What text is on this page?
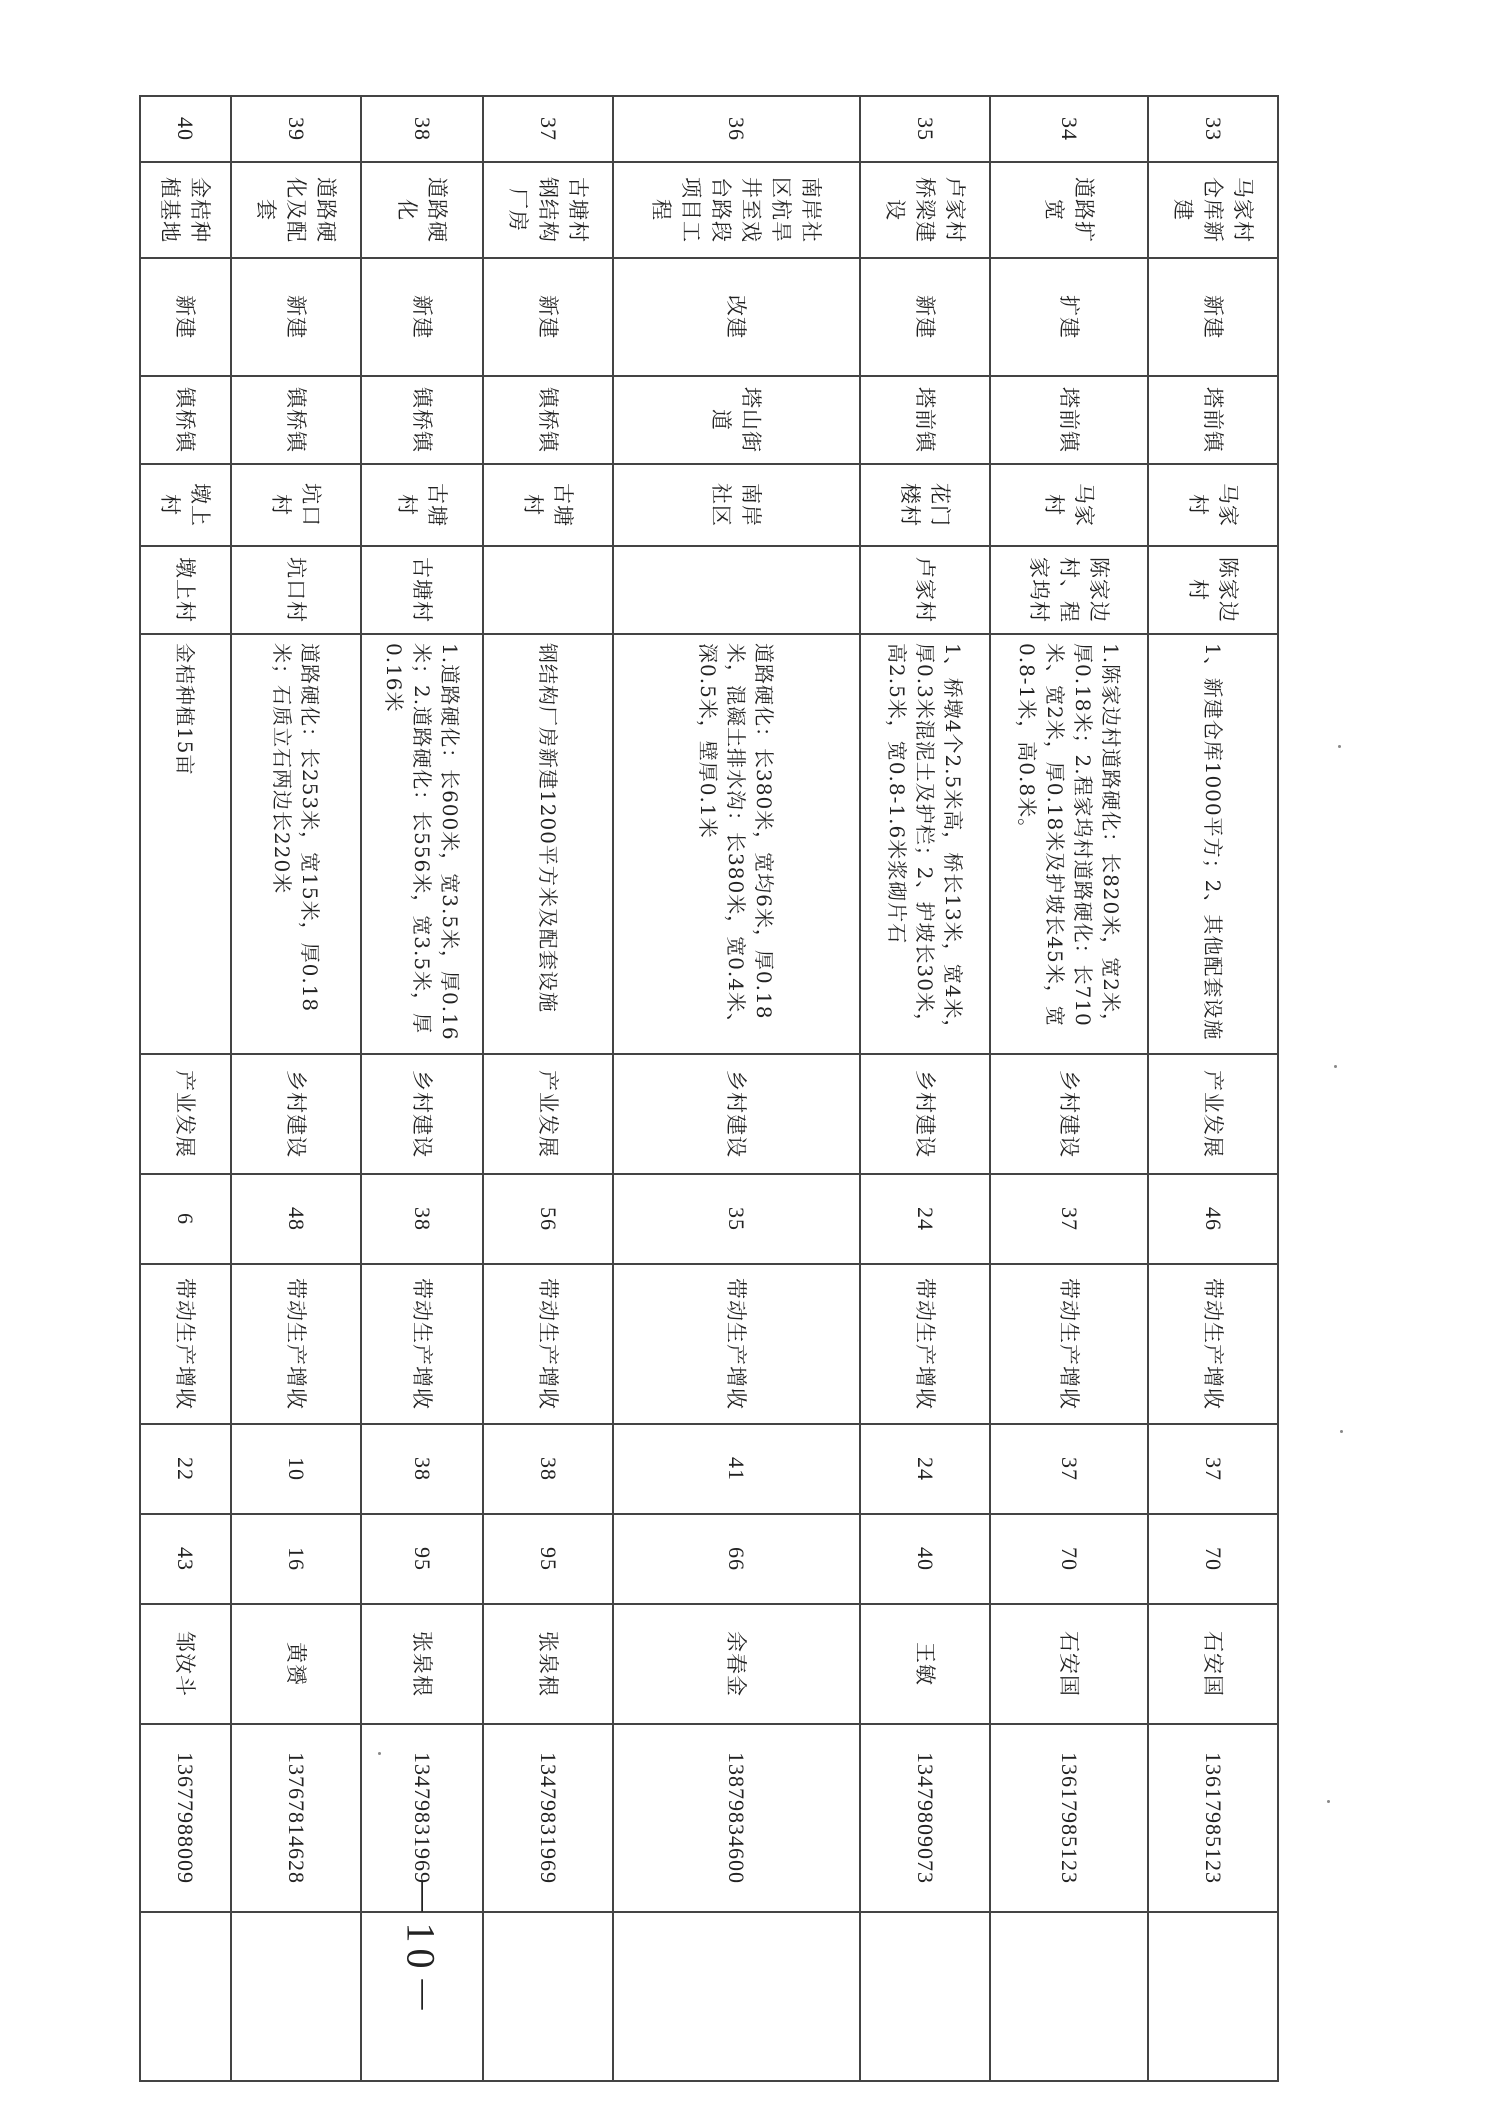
33	马家村仓库新建	新建	塔前镇	马家村	陈家边村	1、新建仓库1000平方；2、其他配套设施	产业发展	46	带动生产增收	37	70	石安国	13617985123	
34	道路扩宽	扩建	塔前镇	马家村	陈家边村、程家坞村	1.陈家边村道路硬化：长820米，宽2米，厚0.18米；2.程家坞村道路硬化：长710米、宽2米，厚0.18米及护坡长45米，宽0.8-1米，高0.8米。	乡村建设	37	带动生产增收	37	70	石安国	13617985123	
35	卢家村桥梁建设	新建	塔前镇	花门楼村	卢家村	1、桥墩4个2.5米高，桥长13米，宽4米，厚0.3米混泥土及护栏；2、护坡长30米，高2.5米，宽0.8-1.6米浆砌片石	乡村建设	24	带动生产增收	24	40	王敏	13479809073	
36	南岸社区杭旱井至戏台路段项目工程	改建	塔山街道	南岸社区		道路硬化：长380米，宽均6米，厚0.18米，混凝土排水沟：长380米，宽0.4米、深0.5米，壁厚0.1米	乡村建设	35	带动生产增收	41	66	余春金	13879834600	
37	古塘村钢结构厂房	新建	镇桥镇	古塘村		钢结构厂房新建1200平方米及配套设施	产业发展	56	带动生产增收	38	95	张泉根	13479831969	
38	道路硬化	新建	镇桥镇	古塘村	古塘村	1.道路硬化：长600米，宽3.5米，厚0.16米；2.道路硬化：长556米，宽3.5米，厚0.16米	乡村建设	38	带动生产增收	38	95	张泉根	13479831969	
39	道路硬化及配套	新建	镇桥镇	坑口村	坑口村	道路硬化：长253米，宽15米，厚0.18米；石质立石两边长220米	乡村建设	48	带动生产增收	10	16	黄赟	13767814628	
40	金桔种植基地	新建	镇桥镇	墩上村	墩上村	金桔种植15亩	产业发展	6	带动生产增收	22	43	邹汝斗	13677988009	
－10－
